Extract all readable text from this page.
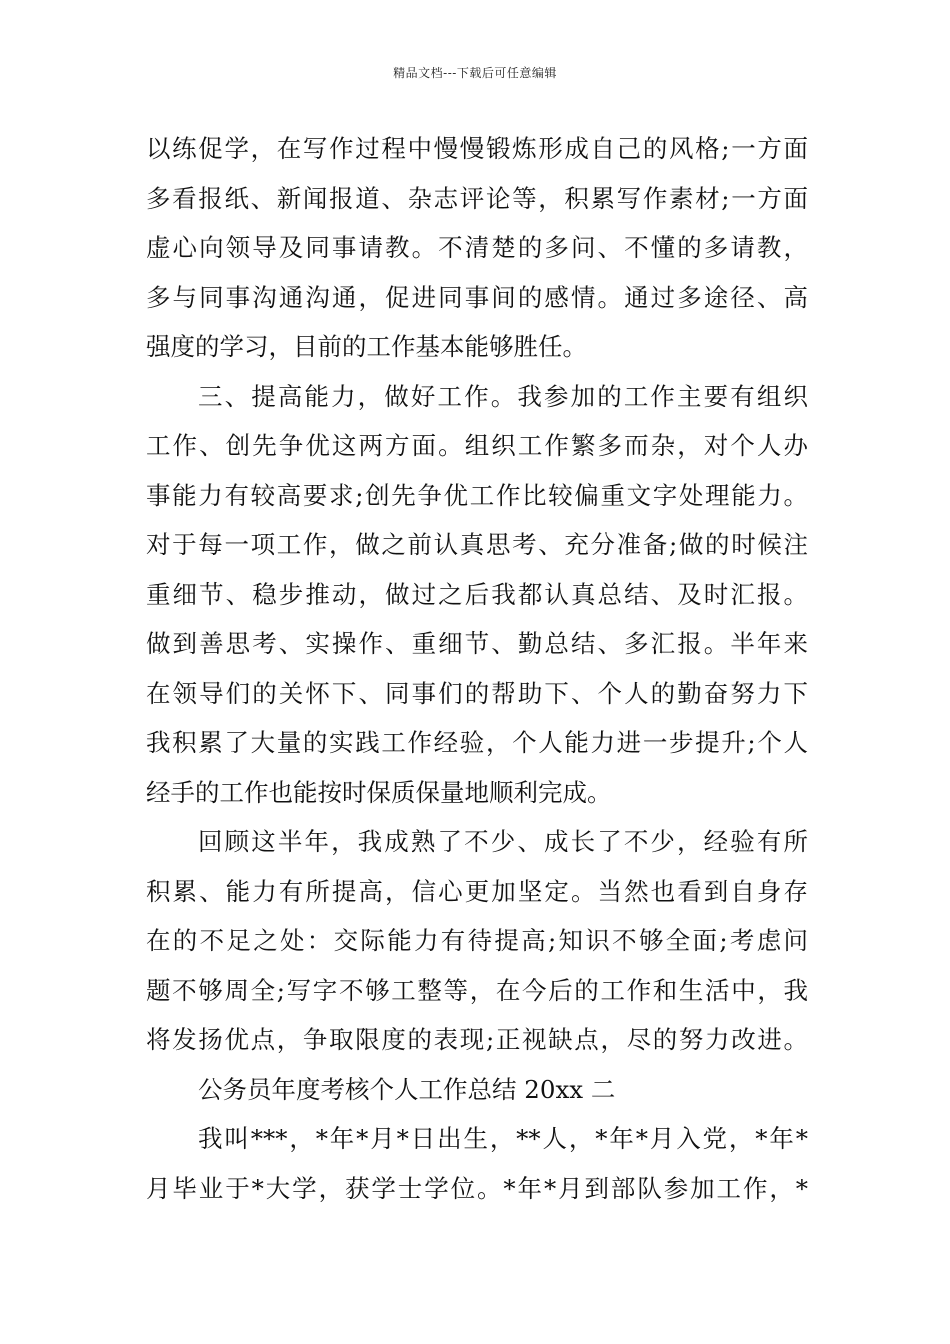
精品文档---下载后可任意编辑
以练促学，在写作过程中慢慢锻炼形成自己的风格;一方面
多看报纸、新闻报道、杂志评论等，积累写作素材;一方面
虚心向领导及同事请教。不清楚的多问、不懂的多请教，
多与同事沟通沟通，促进同事间的感情。通过多途径、高
强度的学习，目前的工作基本能够胜任。
三、提高能力，做好工作。我参加的工作主要有组织
工作、创先争优这两方面。组织工作繁多而杂，对个人办
事能力有较高要求;创先争优工作比较偏重文字处理能力。
对于每一项工作，做之前认真思考、充分准备;做的时候注
重细节、稳步推动，做过之后我都认真总结、及时汇报。
做到善思考、实操作、重细节、勤总结、多汇报。半年来
在领导们的关怀下、同事们的帮助下、个人的勤奋努力下
我积累了大量的实践工作经验，个人能力进一步提升;个人
经手的工作也能按时保质保量地顺利完成。
回顾这半年，我成熟了不少、成长了不少，经验有所
积累、能力有所提高，信心更加坚定。当然也看到自身存
在的不足之处：交际能力有待提高;知识不够全面;考虑问
题不够周全;写字不够工整等，在今后的工作和生活中，我
将发扬优点，争取限度的表现;正视缺点，尽的努力改进。
公务员年度考核个人工作总结 20xx 二
我叫***，*年*月*日出生，**人，*年*月入党，*年*
月毕业于*大学，获学士学位。*年*月到部队参加工作，*
